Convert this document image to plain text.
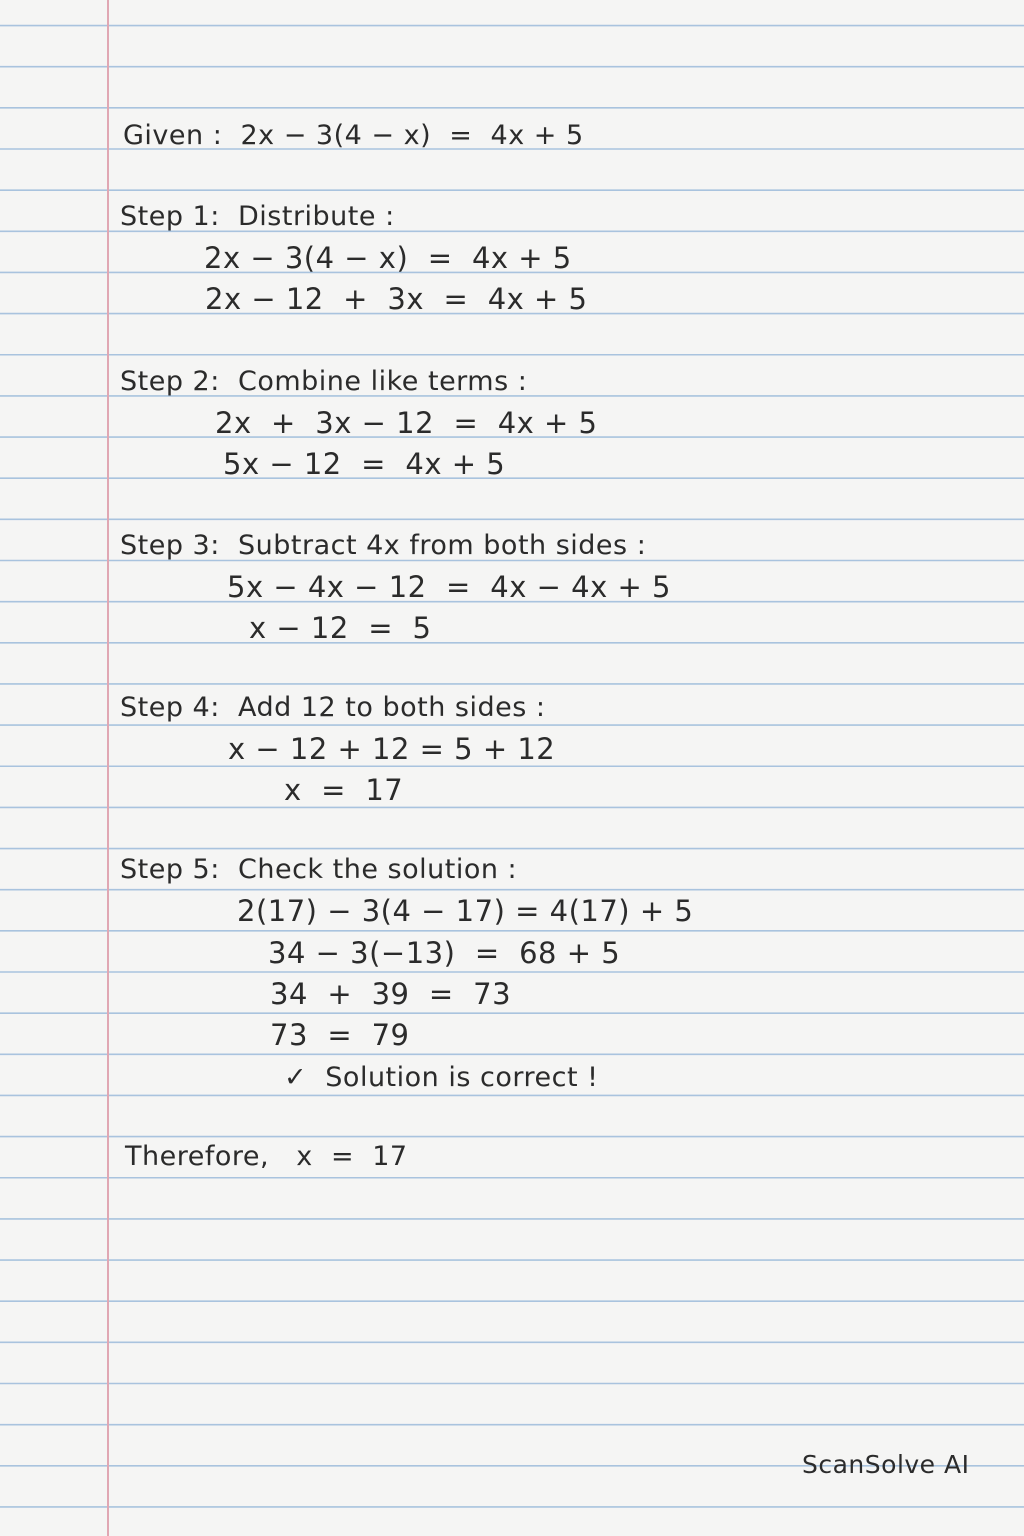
Given :  2x − 3(4 − x)  =  4x + 5
Step 1:  Distribute :
2x − 3(4 − x)  =  4x + 5
2x − 12  +  3x  =  4x + 5
Step 2:  Combine like terms :
2x  +  3x − 12  =  4x + 5
5x − 12  =  4x + 5
Step 3:  Subtract 4x from both sides :
5x − 4x − 12  =  4x − 4x + 5
x − 12  =  5
Step 4:  Add 12 to both sides :
x − 12 + 12 = 5 + 12
x  =  17
Step 5:  Check the solution :
2(17) − 3(4 − 17) = 4(17) + 5
34 − 3(−13)  =  68 + 5
34  +  39  =  73
73  =  79
✓  Solution is correct !
Therefore,   x  =  17
ScanSolve AI
